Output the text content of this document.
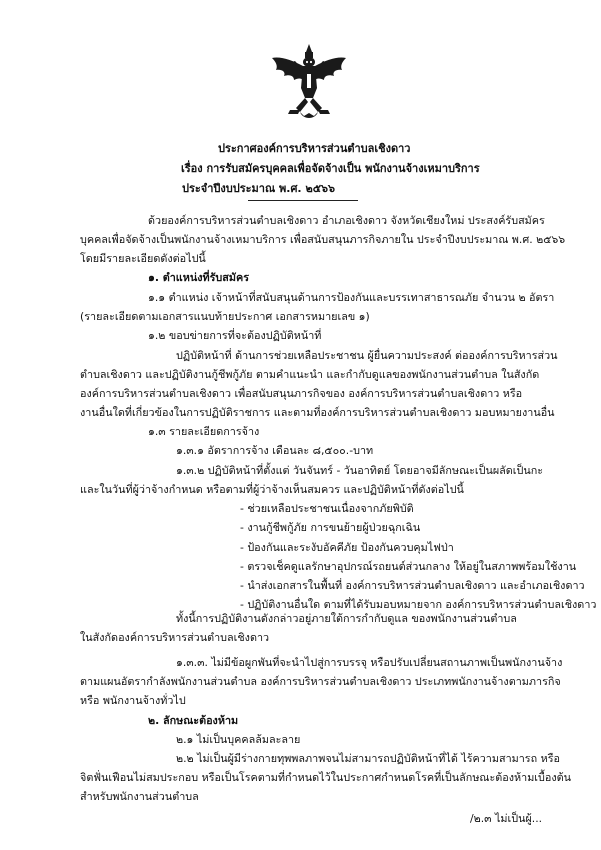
ประกาศองค์การบริหารส่วนตำบลเชิงดาว
เรื่อง การรับสมัครบุคคลเพื่อจัดจ้างเป็น พนักงานจ้างเหมาบริการ
ประจำปีงบประมาณ พ.ศ. ๒๕๖๖
ด้วยองค์การบริหารส่วนตำบลเชิงดาว อำเภอเชิงดาว จังหวัดเชียงใหม่ ประสงค์รับสมัคร
บุคคลเพื่อจัดจ้างเป็นพนักงานจ้างเหมาบริการ เพื่อสนับสนุนภารกิจภายใน ประจำปีงบประมาณ พ.ศ. ๒๕๖๖
โดยมีรายละเอียดดังต่อไปนี้
๑. ตำแหน่งที่รับสมัคร
๑.๑ ตำแหน่ง เจ้าหน้าที่สนับสนุนด้านการป้องกันและบรรเทาสาธารณภัย จำนวน ๒ อัตรา
(รายละเอียดตามเอกสารแนบท้ายประกาศ เอกสารหมายเลข ๑)
๑.๒ ขอบข่ายการที่จะต้องปฏิบัติหน้าที่
ปฏิบัติหน้าที่ ด้านการช่วยเหลือประชาชน ผู้ยื่นความประสงค์ ต่อองค์การบริหารส่วน
ตำบลเชิงดาว และปฏิบัติงานกู้ชีพกู้ภัย ตามคำแนะนำ และกำกับดูแลของพนักงานส่วนตำบล ในสังกัด
องค์การบริหารส่วนตำบลเชิงดาว เพื่อสนับสนุนภารกิจของ องค์การบริหารส่วนตำบลเชิงดาว หรือ
งานอื่นใดที่เกี่ยวข้องในการปฏิบัติราชการ และตามที่องค์การบริหารส่วนตำบลเชิงดาว มอบหมายงานอื่น
๑.๓ รายละเอียดการจ้าง
๑.๓.๑ อัตราการจ้าง เดือนละ ๘,๕๐๐.-บาท
๑.๓.๒ ปฏิบัติหน้าที่ตั้งแต่ วันจันทร์ - วันอาทิตย์ โดยอาจมีลักษณะเป็นผลัดเป็นกะ
และในวันที่ผู้ว่าจ้างกำหนด หรือตามที่ผู้ว่าจ้างเห็นสมควร และปฏิบัติหน้าที่ดังต่อไปนี้
- ช่วยเหลือประชาชนเนื่องจากภัยพิบัติ
- งานกู้ชีพกู้ภัย การขนย้ายผู้ป่วยฉุกเฉิน
- ป้องกันและระงับอัคคีภัย ป้องกันควบคุมไฟป่า
- ตรวจเช็คดูแลรักษาอุปกรณ์รถยนต์ส่วนกลาง ให้อยู่ในสภาพพร้อมใช้งาน
- นำส่งเอกสารในพื้นที่ องค์การบริหารส่วนตำบลเชิงดาว และอำเภอเชิงดาว
- ปฏิบัติงานอื่นใด ตามที่ได้รับมอบหมายจาก องค์การบริหารส่วนตำบลเชิงดาว
ทั้งนี้การปฏิบัติงานดังกล่าวอยู่ภายใต้การกำกับดูแล ของพนักงานส่วนตำบล
ในสังกัดองค์การบริหารส่วนตำบลเชิงดาว
๑.๓.๓. ไม่มีข้อผูกพันที่จะนำไปสู่การบรรจุ หรือปรับเปลี่ยนสถานภาพเป็นพนักงานจ้าง
ตามแผนอัตรากำลังพนักงานส่วนตำบล องค์การบริหารส่วนตำบลเชิงดาว ประเภทพนักงานจ้างตามภารกิจ
หรือ พนักงานจ้างทั่วไป
๒. ลักษณะต้องห้าม
๒.๑ ไม่เป็นบุคคลล้มละลาย
๒.๒ ไม่เป็นผู้มีร่างกายทุพพลภาพจนไม่สามารถปฏิบัติหน้าที่ได้ ไร้ความสามารถ หรือ
จิตฟั่นเฟือนไม่สมประกอบ หรือเป็นโรคตามที่กำหนดไว้ในประกาศกำหนดโรคที่เป็นลักษณะต้องห้ามเบื้องต้น
สำหรับพนักงานส่วนตำบล
/๒.๓ ไม่เป็นผู้...
